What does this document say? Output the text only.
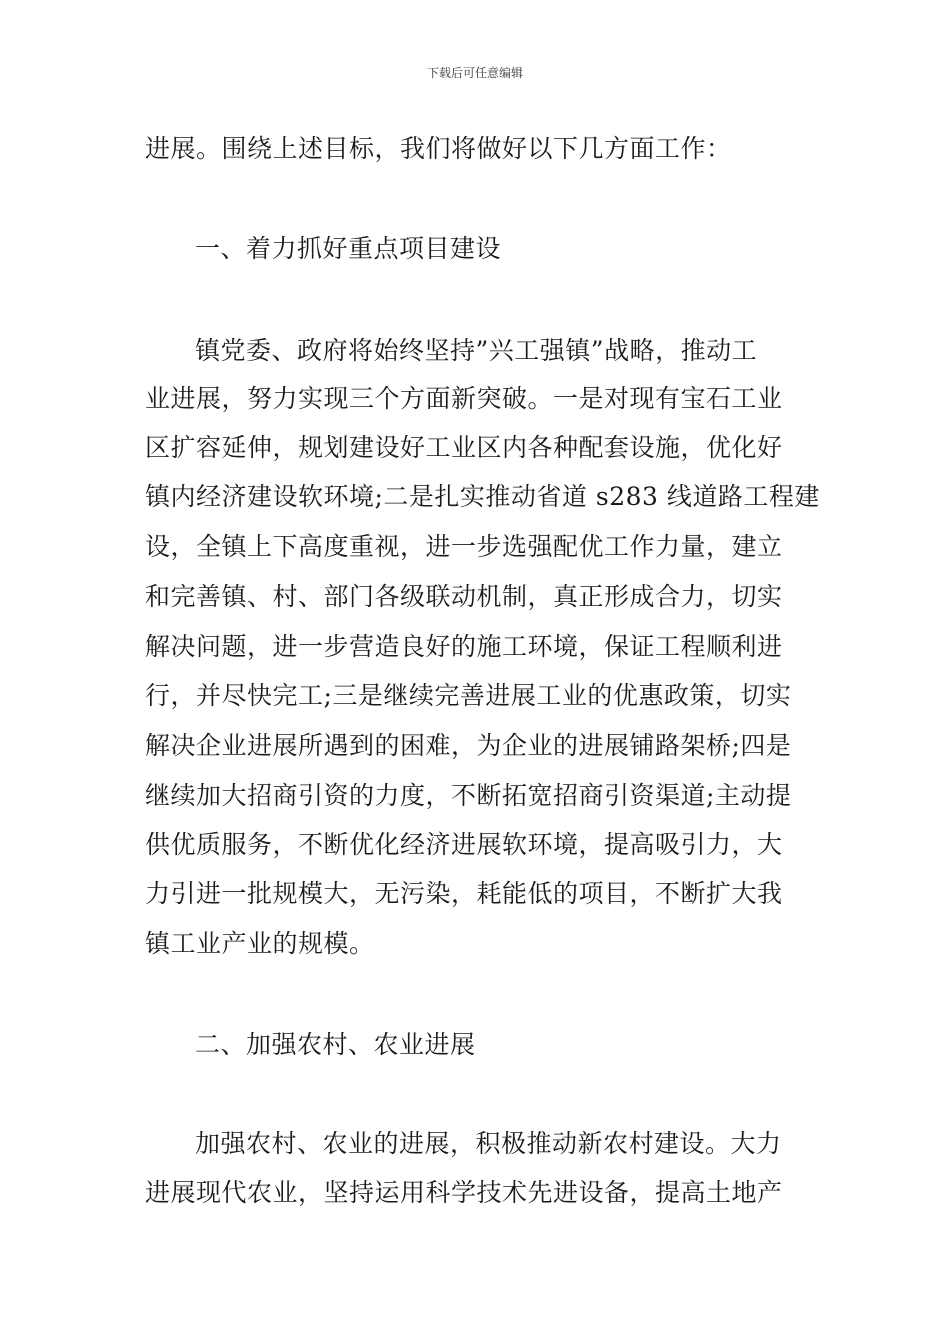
下载后可任意编辑
进展。围绕上述目标，我们将做好以下几方面工作：
一、着力抓好重点项目建设
镇党委、政府将始终坚持”兴工强镇”战略，推动工
业进展，努力实现三个方面新突破。一是对现有宝石工业
区扩容延伸，规划建设好工业区内各种配套设施，优化好
镇内经济建设软环境;二是扎实推动省道 s283 线道路工程建
设，全镇上下高度重视，进一步选强配优工作力量，建立
和完善镇、村、部门各级联动机制，真正形成合力，切实
解决问题，进一步营造良好的施工环境，保证工程顺利进
行，并尽快完工;三是继续完善进展工业的优惠政策，切实
解决企业进展所遇到的困难，为企业的进展铺路架桥;四是
继续加大招商引资的力度，不断拓宽招商引资渠道;主动提
供优质服务，不断优化经济进展软环境，提高吸引力，大
力引进一批规模大，无污染，耗能低的项目，不断扩大我
镇工业产业的规模。
二、加强农村、农业进展
加强农村、农业的进展，积极推动新农村建设。大力
进展现代农业，坚持运用科学技术先进设备，提高土地产
